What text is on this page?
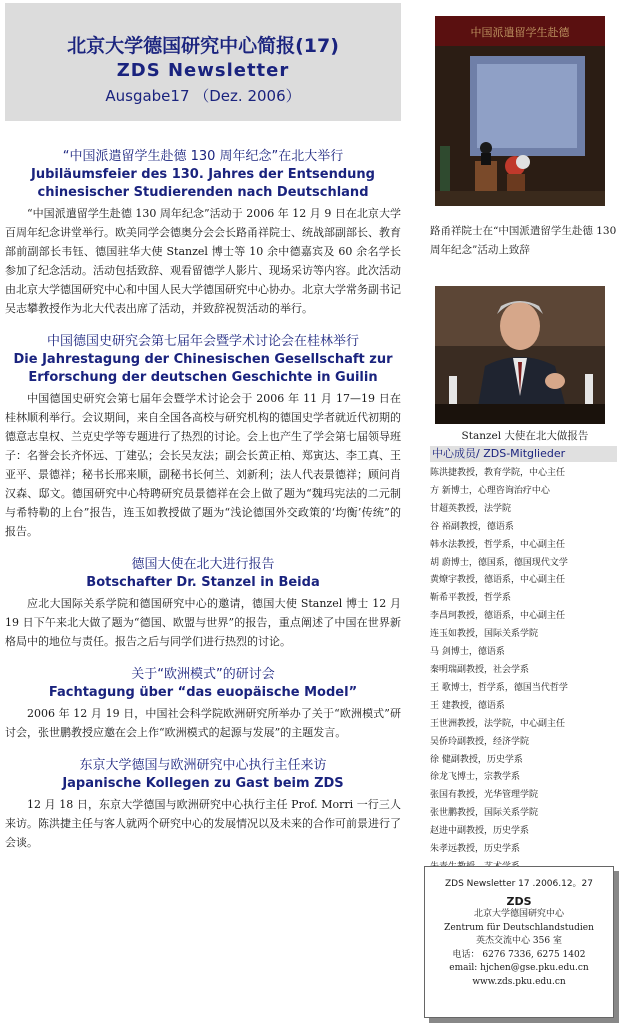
北京大学德国研究中心简报(17)
ZDS Newsletter
Ausgabe17 （Dez. 2006）
“中国派遣留学生赴德 130 周年纪念”在北大举行
Jubiläumsfeier des 130. Jahres der Entsendung chinesischer Studierenden nach Deutschland

“中国派遣留学生赴德 130 周年纪念”活动于 2006 年 12 月 9 日在北京大学百周年纪念讲堂举行。欧美同学会德奥分会会长路甬祥院士、统战部副部长、教育部前副部长韦钰、德国驻华大使 Stanzel 博士等 10 余中德嘉宾及 60 余名学长参加了纪念活动。活动包括致辞、观看留德学人影片、现场采访等内容。此次活动由北京大学德国研究中心和中国人民大学德国研究中心协办。北京大学常务副书记吴志攀教授作为北大代表出席了活动，并致辞祝贺活动的举行。

中国德国史研究会第七届年会暨学术讨论会在桂林举行
Die Jahrestagung der Chinesischen Gesellschaft zur Erforschung der deutschen Geschichte in Guilin

中国德国史研究会第七届年会暨学术讨论会于 2006 年 11 月 17—19 日在桂林顺利举行。会议期间，来自全国各高校与研究机构的德国史学者就近代初期的德意志皇权、兰克史学等专题进行了热烈的讨论。会上也产生了学会第七届领导班子：名誉会长齐怀远、丁建弘；会长吴友法；副会长黄正柏、郑寅达、李工真、王亚平、景德祥；秘书长邢来顺，副秘书长何兰、刘新利；法人代表景德祥；顾问肖汉森、邸文。德国研究中心特聘研究员景德祥在会上做了题为“魏玛宪法的二元制与希特勒的上台”报告，连玉如教授做了题为“浅论德国外交政策的‘均衡’传统”的报告。

德国大使在北大进行报告
Botschafter Dr. Stanzel in Beida

应北大国际关系学院和德国研究中心的邀请，德国大使 Stanzel 博士 12 月 19 日下午来北大做了题为“德国、欧盟与世界”的报告，重点阐述了中国在世界新格局中的地位与责任。报告之后与同学们进行热烈的讨论。

关于“欧洲模式”的研讨会
Fachtagung über “das euopäische Model”

2006 年 12 月 19 日，中国社会科学院欧洲研究所举办了关于“欧洲模式”研讨会，张世鹏教授应邀在会上作“欧洲模式的起源与发展”的主题发言。

东京大学德国与欧洲研究中心执行主任来访
Japanische Kollegen zu Gast beim ZDS

12 月 18 日，东京大学德国与欧洲研究中心执行主任 Prof. Morri 一行三人来访。陈洪捷主任与客人就两个研究中心的发展情况以及未来的合作可前景进行了会谈。

中国派遣留学生赴德
路甬祥院士在“中国派遣留学生赴德 130 周年纪念”活动上致辞
Stanzel 大使在北大做报告
中心成员/ ZDS-Mitglieder
陈洪捷教授，教育学院，中心主任
方 新博士，心理咨询治疗中心
甘超英教授，法学院
谷 裕副教授，德语系
韩水法教授，哲学系，中心副主任
胡 蔚博士，德国系，德国现代文学
黄燎宇教授，德语系，中心副主任
靳希平教授，哲学系
李昌珂教授，德语系，中心副主任
连玉如教授，国际关系学院
马 剑博士，德语系
秦明瑞副教授，社会学系
王 歌博士，哲学系，德国当代哲学
王 建教授，德语系
王世洲教授，法学院，中心副主任
吴侨玲副教授，经济学院
徐 健副教授，历史学系
徐龙飞博士，宗教学系
张国有教授，光华管理学院
张世鹏教授，国际关系学院
赵进中副教授，历史学系
朱孝远教授，历史学系
ZDS Newsletter 17 .2006.12。27
ZDS
北京大学德国研究中心
Zentrum für Deutschlandstudien
英杰交流中心 356 室
电话： 6276 7336, 6275 1402
email: hjchen@gse.pku.edu.cn
www.zds.pku.edu.cn
